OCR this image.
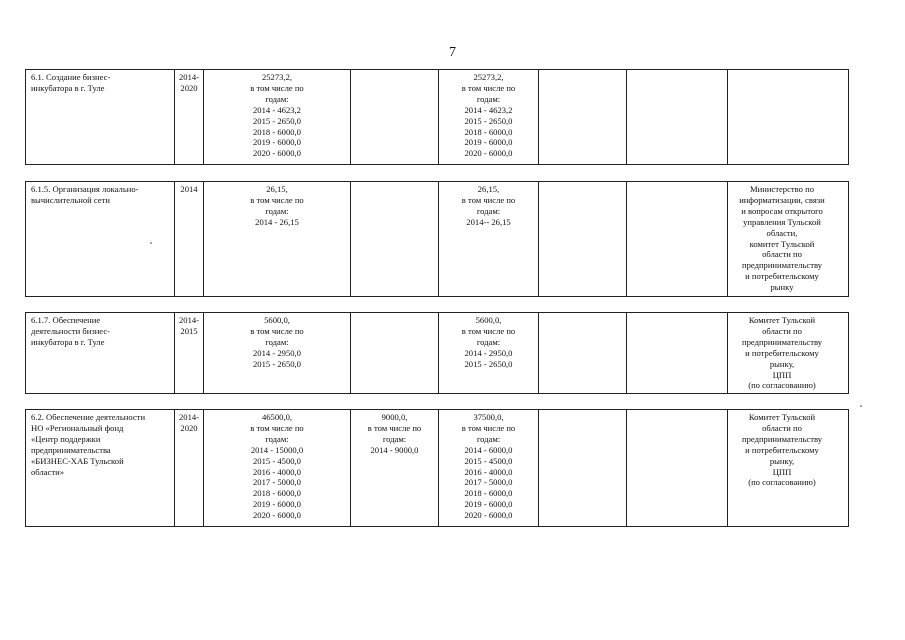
7
6.1. Создание бизнес-
инкубатора в г. Туле
2014-
2020
25273,2,
в том числе по
годам:
2014 - 4623,2
2015 - 2650,0
2018 - 6000,0
2019 - 6000,0
2020 - 6000,0
25273,2,
в том числе по
годам:
2014 - 4623,2
2015 - 2650,0
2018 - 6000,0
2019 - 6000,0
2020 - 6000,0
6.1.5. Организация локально-
вычислительной сети
2014	26,15,
в том числе по
годам:
2014 - 26,15
26,15,
в том числе по
годам:
2014-- 26,15
Министерство по
информатизации, связи
и вопросам открытого
управления Тульской
области,
комитет Тульской
области по
предпринимательству
и потребительскому
рынку
6.1.7. Обеспечение
деятельности бизнес-
инкубатора в г. Туле
2014-
2015
5600,0,
в том числе по
годам:
2014 - 2950,0
2015 - 2650,0
5600,0,
в том числе по
годам:
2014 - 2950,0
2015 - 2650,0
Комитет Тульской
области по
предпринимательству
и потребительскому
рынку,
ЦПП
(по согласованию)
6.2. Обеспечение деятельности
НО «Региональный фонд
«Центр поддержки
предпринимательства
«БИЗНЕС-ХАБ Тульской
области»
2014-
2020
46500,0,
в том числе по
годам:
2014 - 15000,0
2015 - 4500,0
2016 - 4000,0
2017 - 5000,0
2018 - 6000,0
2019 - 6000,0
2020 - 6000,0
9000,0,
в том числе по
годам:
2014 - 9000,0
37500,0,
в том числе по
годам:
2014 - 6000,0
2015 - 4500,0
2016 - 4000,0
2017 - 5000,0
2018 - 6000,0
2019 - 6000,0
2020 - 6000,0
Комитет Тульской
области по
предпринимательству
и потребительскому
рынку,
ЦПП
(по согласованию)
